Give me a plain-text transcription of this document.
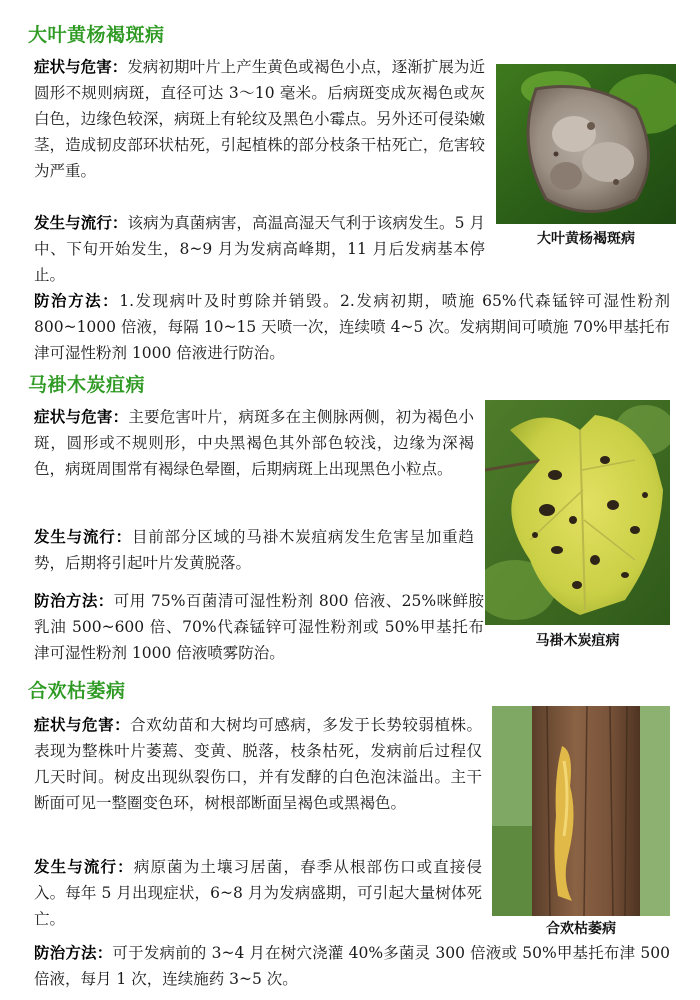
大叶黄杨褐斑病

症状与危害：发病初期叶片上产生黄色或褐色小点，逐渐扩展为近圆形不规则病斑，直径可达 3～10 毫米。后病斑变成灰褐色或灰白色，边缘色较深，病斑上有轮纹及黑色小霉点。另外还可侵染嫩茎，造成韧皮部环状枯死，引起植株的部分枝条干枯死亡，危害较为严重。

发生与流行：该病为真菌病害，高温高湿天气利于该病发生。5 月中、下旬开始发生，8~9 月为发病高峰期，11 月后发病基本停止。

防治方法：1.发现病叶及时剪除并销毁。2.发病初期，喷施 65%代森锰锌可湿性粉剂 800~1000 倍液，每隔 10~15 天喷一次，连续喷 4~5 次。发病期间可喷施 70%甲基托布津可湿性粉剂 1000 倍液进行防治。

大叶黄杨褐斑病

马褂木炭疽病

症状与危害：主要危害叶片，病斑多在主侧脉两侧，初为褐色小斑，圆形或不规则形，中央黑褐色其外部色较浅，边缘为深褐色，病斑周围常有褐绿色晕圈，后期病斑上出现黑色小粒点。

发生与流行：目前部分区域的马褂木炭疽病发生危害呈加重趋势，后期将引起叶片发黄脱落。

防治方法：可用 75%百菌清可湿性粉剂 800 倍液、25%咪鲜胺乳油 500~600 倍、70%代森锰锌可湿性粉剂或 50%甲基托布津可湿性粉剂 1000 倍液喷雾防治。

马褂木炭疽病

合欢枯萎病

症状与危害：合欢幼苗和大树均可感病，多发于长势较弱植株。表现为整株叶片萎蔫、变黄、脱落，枝条枯死，发病前后过程仅几天时间。树皮出现纵裂伤口，并有发酵的白色泡沫溢出。主干断面可见一整圈变色环，树根部断面呈褐色或黑褐色。

发生与流行：病原菌为土壤习居菌，春季从根部伤口或直接侵入。每年 5 月出现症状，6~8 月为发病盛期，可引起大量树体死亡。

防治方法：可于发病前的 3~4 月在树穴浇灌 40%多菌灵 300 倍液或 50%甲基托布津 500 倍液，每月 1 次，连续施药 3~5 次。

合欢枯萎病
